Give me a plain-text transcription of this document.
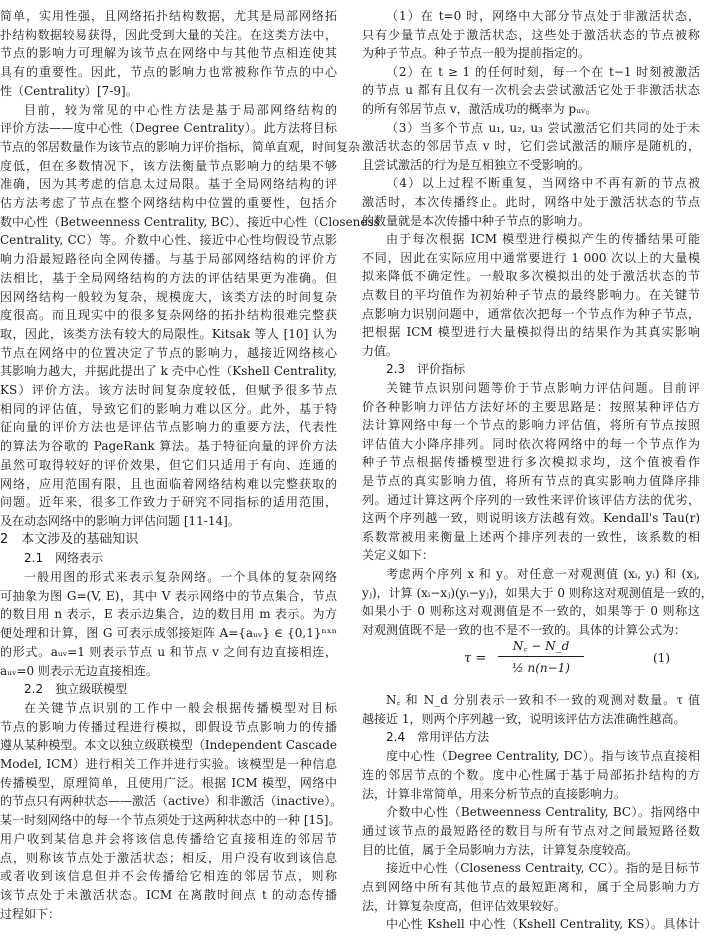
简单，实用性强，且网络拓扑结构数据，尤其是局部网络拓
扑结构数据较易获得，因此受到大量的关注。在这类方法中，
节点的影响力可理解为该节点在网络中与其他节点相连使其
具有的重要性。因此，节点的影响力也常被称作节点的中心
性（Centrality）[7-9]。
目前，较为常见的中心性方法是基于局部网络结构的
评价方法——度中心性（Degree Centrality）。此方法将目标
节点的邻居数量作为该节点的影响力评价指标，简单直观，时间复杂
度低，但在多数情况下，该方法衡量节点影响力的结果不够
准确，因为其考虑的信息太过局限。基于全局网络结构的评
估方法考虑了节点在整个网络结构中位置的重要性，包括介
数中心性（Betweenness Centrality, BC）、接近中心性（Closeness
Centrality, CC）等。介数中心性、接近中心性均假设节点影
响力沿最短路径向全网传播。与基于局部网络结构的评价方
法相比，基于全局网络结构的方法的评估结果更为准确。但
因网络结构一般较为复杂，规模庞大，该类方法的时间复杂
度很高。而且现实中的很多复杂网络的拓扑结构很难完整获
取，因此，该类方法有较大的局限性。Kitsak 等人 [10] 认为
节点在网络中的位置决定了节点的影响力，越接近网络核心
其影响力越大，并据此提出了 k 壳中心性（Kshell Centrality,
KS）评价方法。该方法时间复杂度较低，但赋予很多节点
相同的评估值，导致它们的影响力难以区分。此外，基于特
征向量的评价方法也是评估节点影响力的重要方法，代表性
的算法为谷歌的 PageRank 算法。基于特征向量的评价方法
虽然可取得较好的评价效果，但它们只适用于有向、连通的
网络，应用范围有限，且也面临着网络结构难以完整获取的
问题。近年来，很多工作致力于研究不同指标的适用范围，
及在动态网络中的影响力评估问题 [11-14]。
2　本文涉及的基础知识
2.1　网络表示
一般用图的形式来表示复杂网络。一个具体的复杂网络
可抽象为图 G=(V, E)，其中 V 表示网络中的节点集合，节点
的数目用 n 表示，E 表示边集合，边的数目用 m 表示。为方
便处理和计算，图 G 可表示成邻接矩阵 A={aᵤᵥ} ∈ {0,1}ⁿˣⁿ
的形式。aᵤᵥ=1 则表示节点 u 和节点 v 之间有边直接相连，
aᵤᵥ=0 则表示无边直接相连。
2.2　独立级联模型
在关键节点识别的工作中一般会根据传播模型对目标
节点的影响力传播过程进行模拟，即假设节点影响力的传播
遵从某种模型。本文以独立级联模型（Independent Cascade
Model, ICM）进行相关工作并进行实验。该模型是一种信息
传播模型，原理简单，且使用广泛。根据 ICM 模型，网络中
的节点只有两种状态——激活（active）和非激活（inactive）。
某一时刻网络中的每一个节点须处于这两种状态中的一种 [15]。
用户收到某信息并会将该信息传播给它直接相连的邻居节
点，则称该节点处于激活状态；相反，用户没有收到该信息
或者收到该信息但并不会传播给它相连的邻居节点，则称
该节点处于未激活状态。ICM 在离散时间点 t 的动态传播
过程如下：
τ =
N꜀ − N_d
½ n(n−1)
(1)
（1）在 t=0 时，网络中大部分节点处于非激活状态，
只有少量节点处于激活状态，这些处于激活状态的节点被称
为种子节点。种子节点一般为提前指定的。
（2）在 t ≥ 1 的任何时刻，每一个在 t−1 时刻被激活
的节点 u 都有且仅有一次机会去尝试激活它处于非激活状态
的所有邻居节点 v，激活成功的概率为 pᵤᵥ。
（3）当多个节点 u₁, u₂, u₃ 尝试激活它们共同的处于未
激活状态的邻居节点 v 时，它们尝试激活的顺序是随机的，
且尝试激活的行为是互相独立不受影响的。
（4）以上过程不断重复，当网络中不再有新的节点被
激活时，本次传播终止。此时，网络中处于激活状态的节点
的数量就是本次传播中种子节点的影响力。
由于每次根据 ICM 模型进行模拟产生的传播结果可能
不同，因此在实际应用中通常要进行 1 000 次以上的大量模
拟来降低不确定性。一般取多次模拟出的处于激活状态的节
点数目的平均值作为初始种子节点的最终影响力。在关键节
点影响力识别问题中，通常依次把每一个节点作为种子节点，
把根据 ICM 模型进行大量模拟得出的结果作为其真实影响
力值。
2.3　评价指标
关键节点识别问题等价于节点影响力评估问题。目前评
价各种影响力评估方法好坏的主要思路是：按照某种评估方
法计算网络中每一个节点的影响力评估值，将所有节点按照
评估值大小降序排列。同时依次将网络中的每一个节点作为
种子节点根据传播模型进行多次模拟求均，这个值被看作
是节点的真实影响力值，将所有节点的真实影响力值降序排
列。通过计算这两个序列的一致性来评价该评估方法的优劣，
这两个序列越一致，则说明该方法越有效。Kendall's Tau(r)
系数常被用来衡量上述两个排序列表的一致性，该系数的相
关定义如下：
考虑两个序列 x 和 y。对任意一对观测值 (xᵢ, yᵢ) 和 (xⱼ,
yⱼ)，计算 (xᵢ−xⱼ)(yᵢ−yⱼ)，如果大于 0 则称这对观测值是一致的，
如果小于 0 则称这对观测值是不一致的，如果等于 0 则称这
对观测值既不是一致的也不是不一致的。具体的计算公式为：
N꜀ 和 N_d 分别表示一致和不一致的观测对数量。τ 值
越接近 1，则两个序列越一致，说明该评估方法准确性越高。
2.4　常用评估方法
度中心性（Degree Centrality, DC）。指与该节点直接相
连的邻居节点的个数。度中心性属于基于局部拓扑结构的方
法，计算非常简单，用来分析节点的直接影响力。
介数中心性（Betweenness Centrality, BC）。指网络中
通过该节点的最短路径的数目与所有节点对之间最短路径数
目的比值，属于全局影响力方法，计算复杂度较高。
接近中心性（Closeness Centraity, CC）。指的是目标节
点到网络中所有其他节点的最短距离和，属于全局影响力方
法，计算复杂度高，但评估效果较好。
中心性 Kshell 中心性（Kshell Centrality, KS）。具体计
